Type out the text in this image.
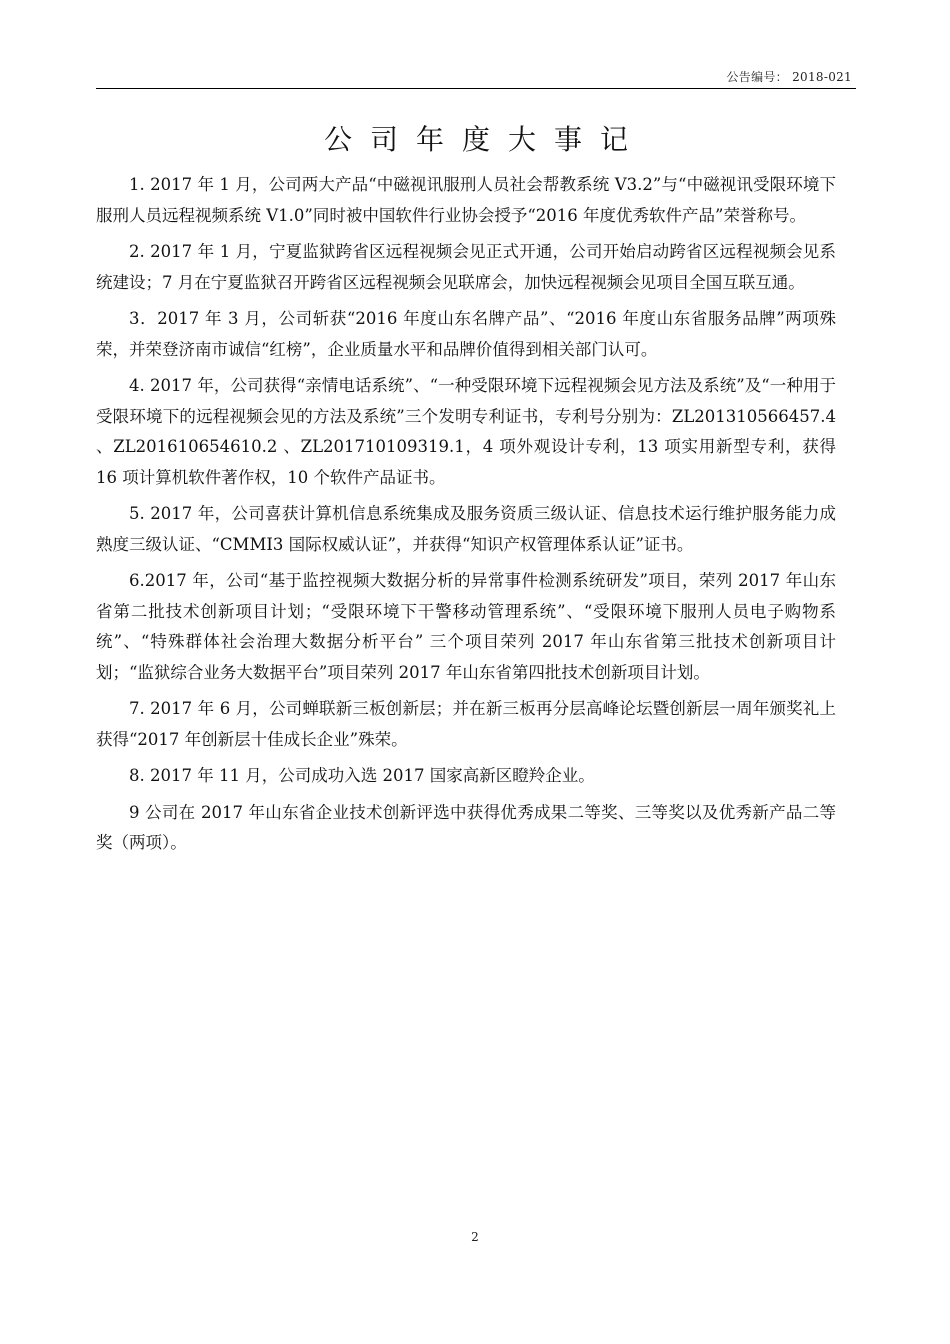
公告编号： 2018-021
公司年度大事记

1. 2017 年 1 月，公司两大产品“中磁视讯服刑人员社会帮教系统 V3.2”与“中磁视讯受限环境下服刑人员远程视频系统 V1.0”同时被中国软件行业协会授予“2016 年度优秀软件产品”荣誉称号。

2. 2017 年 1 月，宁夏监狱跨省区远程视频会见正式开通，公司开始启动跨省区远程视频会见系统建设；7 月在宁夏监狱召开跨省区远程视频会见联席会，加快远程视频会见项目全国互联互通。

3．2017 年 3 月，公司斩获“2016 年度山东名牌产品”、“2016 年度山东省服务品牌”两项殊荣，并荣登济南市诚信“红榜”，企业质量水平和品牌价值得到相关部门认可。

4. 2017 年，公司获得“亲情电话系统”、“一种受限环境下远程视频会见方法及系统”及“一种用于受限环境下的远程视频会见的方法及系统”三个发明专利证书，专利号分别为：ZL201310566457.4 、ZL201610654610.2 、ZL201710109319.1，4 项外观设计专利，13 项实用新型专利，获得 16 项计算机软件著作权，10 个软件产品证书。

5. 2017 年，公司喜获计算机信息系统集成及服务资质三级认证、信息技术运行维护服务能力成熟度三级认证、“CMMI3 国际权威认证”，并获得“知识产权管理体系认证”证书。

6.2017 年，公司“基于监控视频大数据分析的异常事件检测系统研发”项目，荣列 2017 年山东省第二批技术创新项目计划；“受限环境下干警移动管理系统”、“受限环境下服刑人员电子购物系统”、“特殊群体社会治理大数据分析平台” 三个项目荣列 2017 年山东省第三批技术创新项目计划；“监狱综合业务大数据平台”项目荣列 2017 年山东省第四批技术创新项目计划。

7. 2017 年 6 月，公司蝉联新三板创新层；并在新三板再分层高峰论坛暨创新层一周年颁奖礼上获得“2017 年创新层十佳成长企业”殊荣。

8. 2017 年 11 月，公司成功入选 2017 国家高新区瞪羚企业。

9 公司在 2017 年山东省企业技术创新评选中获得优秀成果二等奖、三等奖以及优秀新产品二等奖（两项）。

2
